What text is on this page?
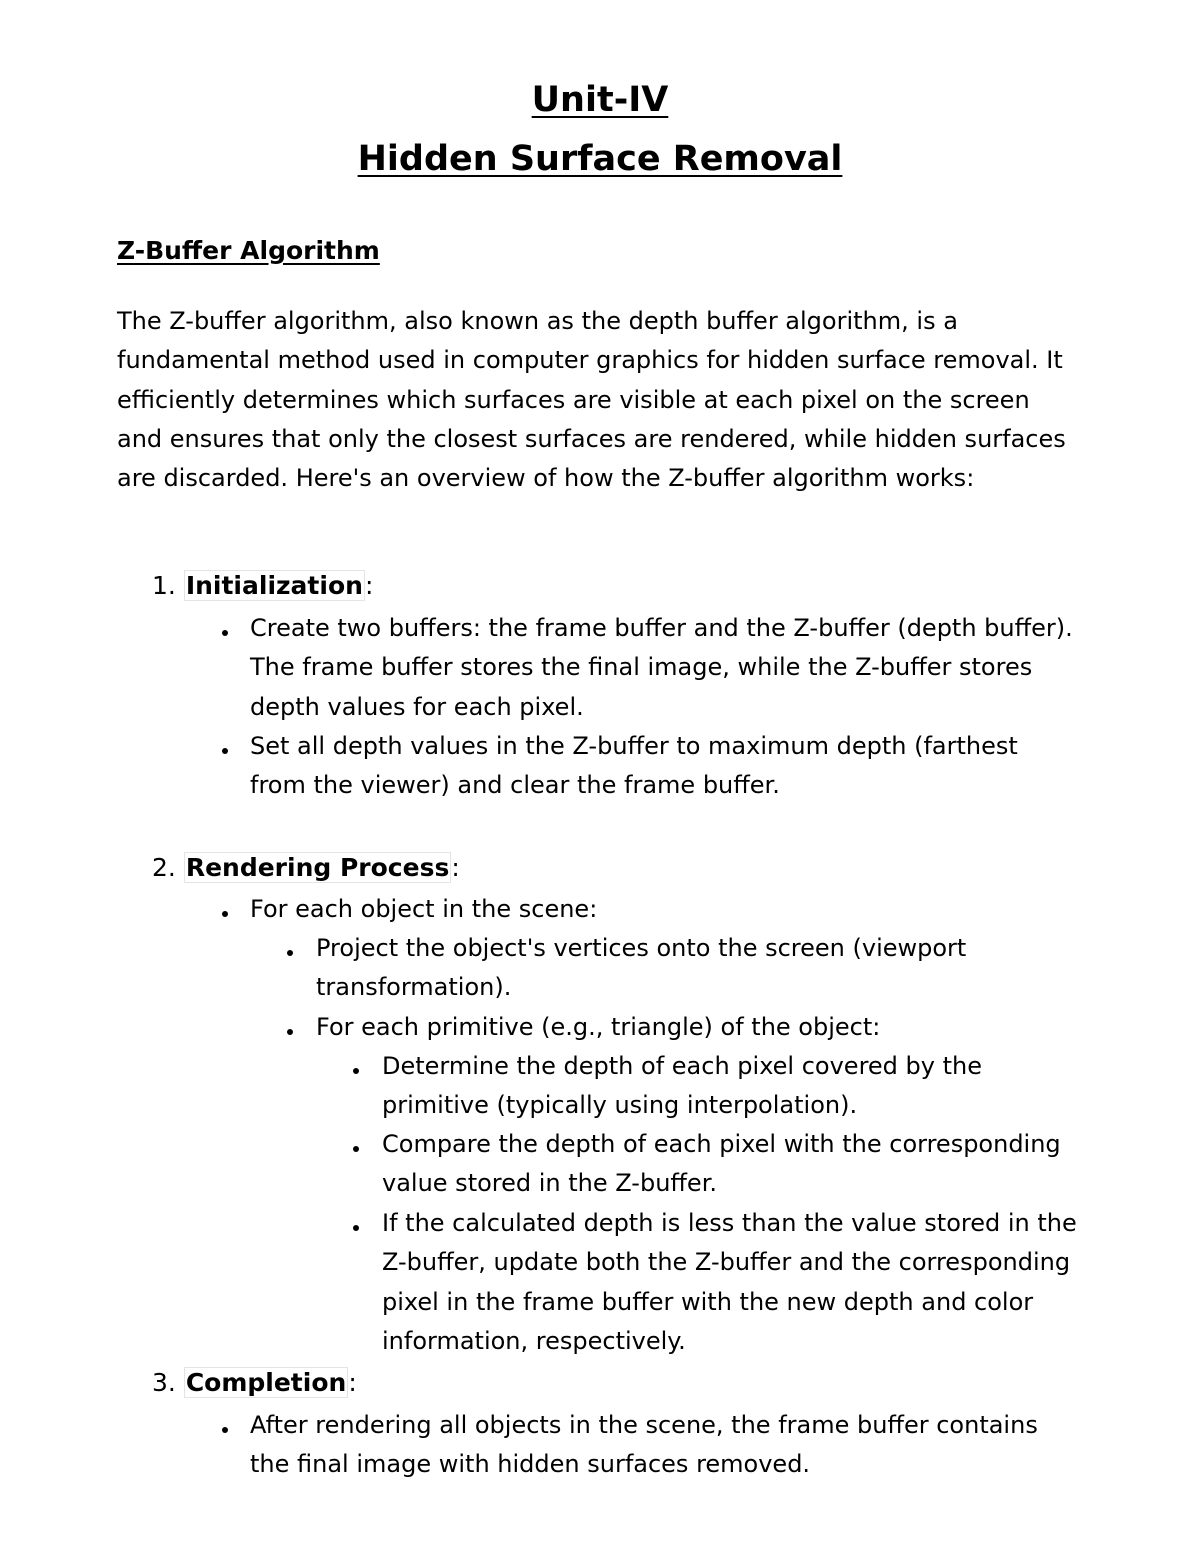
Unit-IV
Hidden Surface Removal
Z-Buffer Algorithm

The Z-buffer algorithm, also known as the depth buffer algorithm, is a fundamental method used in computer graphics for hidden surface removal. It efficiently determines which surfaces are visible at each pixel on the screen and ensures that only the closest surfaces are rendered, while hidden surfaces are discarded. Here's an overview of how the Z-buffer algorithm works:

1. Initialization:

Create two buffers: the frame buffer and the Z-buffer (depth buffer). The frame buffer stores the final image, while the Z-buffer stores depth values for each pixel.

Set all depth values in the Z-buffer to maximum depth (farthest from the viewer) and clear the frame buffer.

2. Rendering Process:

For each object in the scene:

Project the object's vertices onto the screen (viewport transformation).

For each primitive (e.g., triangle) of the object:

Determine the depth of each pixel covered by the primitive (typically using interpolation).

Compare the depth of each pixel with the corresponding value stored in the Z-buffer.

If the calculated depth is less than the value stored in the Z-buffer, update both the Z-buffer and the corresponding pixel in the frame buffer with the new depth and color information, respectively.

3. Completion:

After rendering all objects in the scene, the frame buffer contains the final image with hidden surfaces removed.
